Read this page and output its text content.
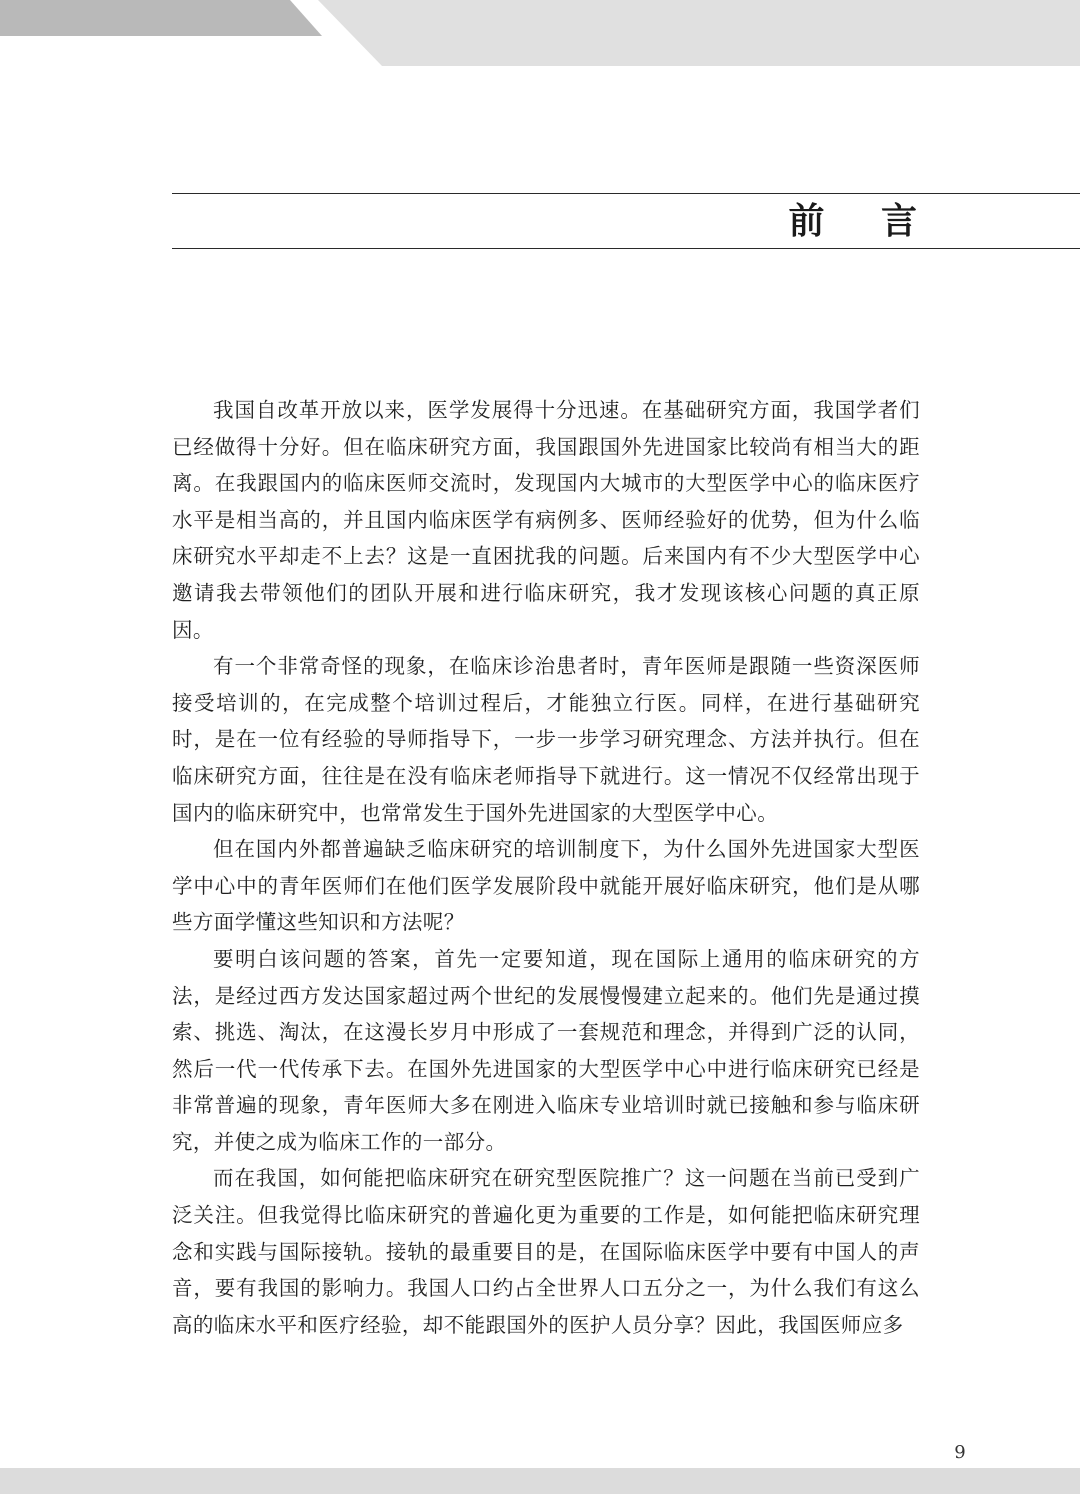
前 言

我国自改革开放以来，医学发展得十分迅速。在基础研究方面，我国学者们已经做得十分好。但在临床研究方面，我国跟国外先进国家比较尚有相当大的距离。在我跟国内的临床医师交流时，发现国内大城市的大型医学中心的临床医疗水平是相当高的，并且国内临床医学有病例多、医师经验好的优势，但为什么临床研究水平却走不上去？这是一直困扰我的问题。后来国内有不少大型医学中心邀请我去带领他们的团队开展和进行临床研究，我才发现该核心问题的真正原因。

有一个非常奇怪的现象，在临床诊治患者时，青年医师是跟随一些资深医师接受培训的，在完成整个培训过程后，才能独立行医。同样，在进行基础研究时，是在一位有经验的导师指导下，一步一步学习研究理念、方法并执行。但在临床研究方面，往往是在没有临床老师指导下就进行。这一情况不仅经常出现于国内的临床研究中，也常常发生于国外先进国家的大型医学中心。

但在国内外都普遍缺乏临床研究的培训制度下，为什么国外先进国家大型医学中心中的青年医师们在他们医学发展阶段中就能开展好临床研究，他们是从哪些方面学懂这些知识和方法呢？

要明白该问题的答案，首先一定要知道，现在国际上通用的临床研究的方法，是经过西方发达国家超过两个世纪的发展慢慢建立起来的。他们先是通过摸索、挑选、淘汰，在这漫长岁月中形成了一套规范和理念，并得到广泛的认同，然后一代一代传承下去。在国外先进国家的大型医学中心中进行临床研究已经是非常普遍的现象，青年医师大多在刚进入临床专业培训时就已接触和参与临床研究，并使之成为临床工作的一部分。

而在我国，如何能把临床研究在研究型医院推广？这一问题在当前已受到广泛关注。但我觉得比临床研究的普遍化更为重要的工作是，如何能把临床研究理念和实践与国际接轨。接轨的最重要目的是，在国际临床医学中要有中国人的声音，要有我国的影响力。我国人口约占全世界人口五分之一，为什么我们有这么高的临床水平和医疗经验，却不能跟国外的医护人员分享？因此，我国医师应多

9
